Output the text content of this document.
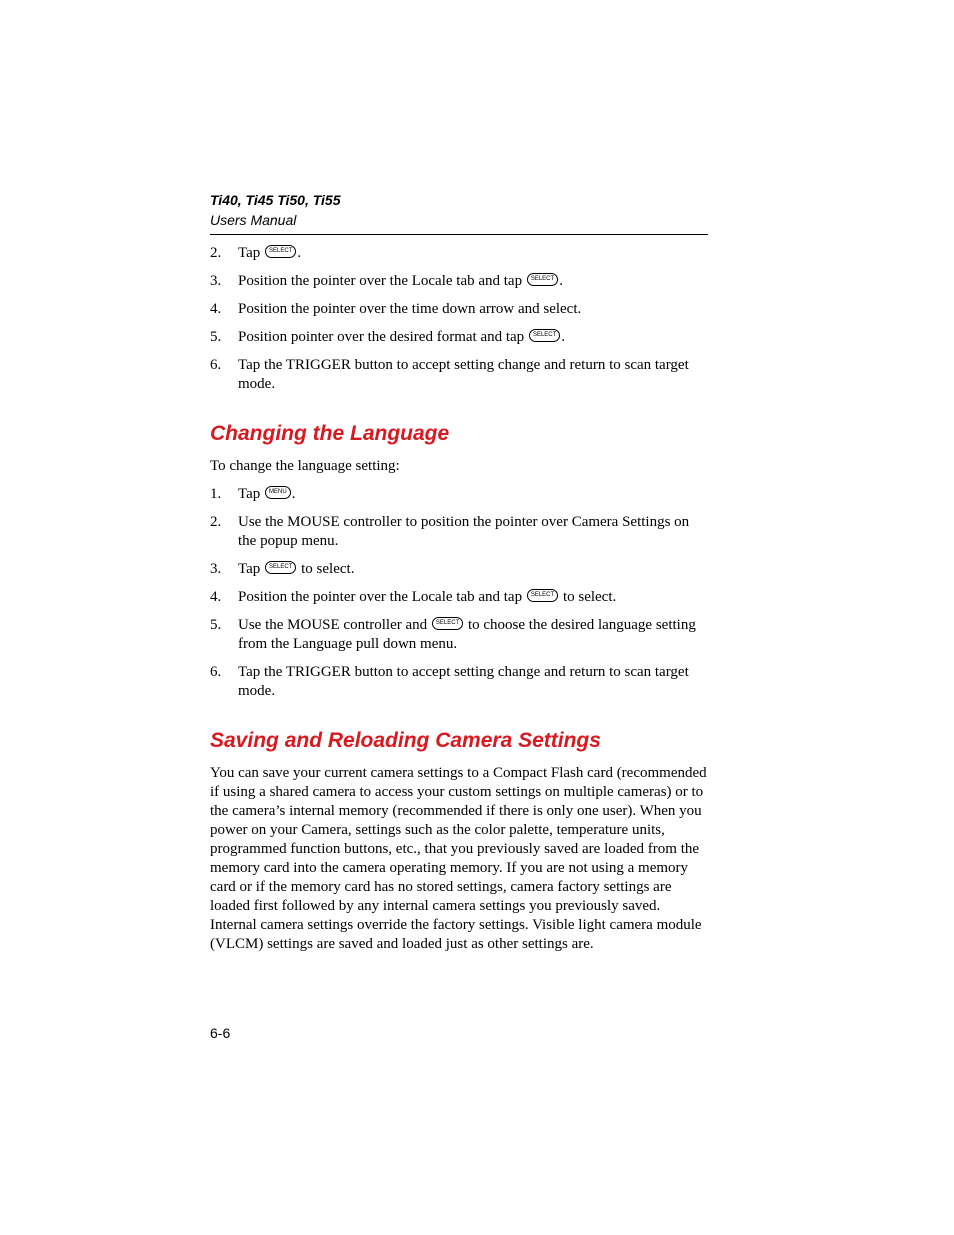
Ti40, Ti45 Ti50, Ti55
Users Manual
2.	Tap SELECT .
3.	Position the pointer over the Locale tab and tap SELECT .
4.	Position the pointer over the time down arrow and select.
5.	Position pointer over the desired format and tap SELECT .
6.	Tap the TRIGGER button to accept setting change and return to scan target mode.
Changing the Language

To change the language setting:

1.	Tap MENU .
2.	Use the MOUSE controller to position the pointer over Camera Settings on the popup menu.
3.	Tap SELECT to select.
4.	Position the pointer over the Locale tab and tap SELECT to select.
5.	Use the MOUSE controller and SELECT to choose the desired language setting from the Language pull down menu.
6.	Tap the TRIGGER button to accept setting change and return to scan target mode.
Saving and Reloading Camera Settings

You can save your current camera settings to a Compact Flash card (recommended if using a shared camera to access your custom settings on multiple cameras) or to the camera’s internal memory (recommended if there is only one user). When you power on your Camera, settings such as the color palette, temperature units, programmed function buttons, etc., that you previously saved are loaded from the memory card into the camera operating memory. If you are not using a memory card or if the memory card has no stored settings, camera factory settings are loaded first followed by any internal camera settings you previously saved. Internal camera settings override the factory settings. Visible light camera module (VLCM) settings are saved and loaded just as other settings are.

6-6
